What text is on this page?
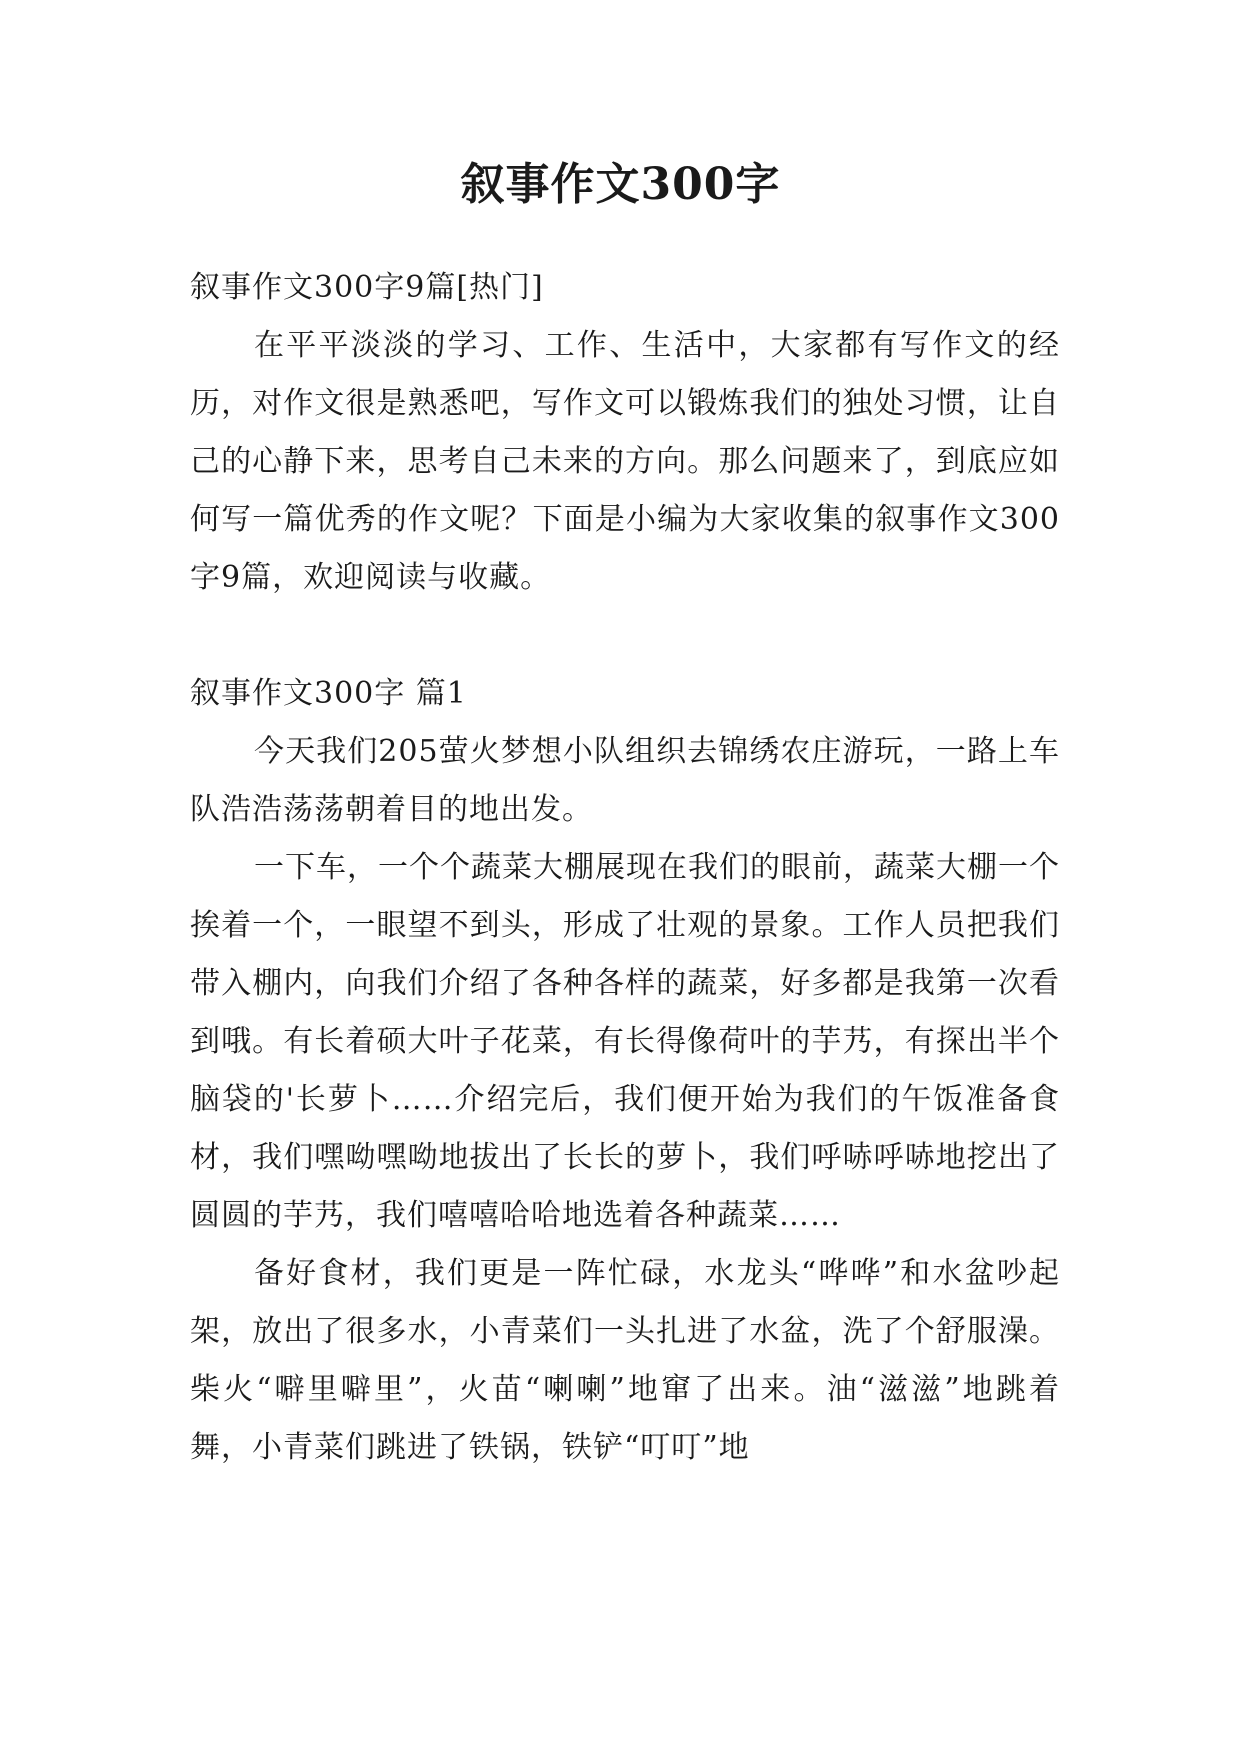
叙事作文300字

叙事作文300字9篇[热门]

在平平淡淡的学习、工作、生活中，大家都有写作文的经历，对作文很是熟悉吧，写作文可以锻炼我们的独处习惯，让自己的心静下来，思考自己未来的方向。那么问题来了，到底应如何写一篇优秀的作文呢？下面是小编为大家收集的叙事作文300字9篇，欢迎阅读与收藏。

叙事作文300字 篇1

今天我们205萤火梦想小队组织去锦绣农庄游玩，一路上车队浩浩荡荡朝着目的地出发。

一下车，一个个蔬菜大棚展现在我们的眼前，蔬菜大棚一个挨着一个，一眼望不到头，形成了壮观的景象。工作人员把我们带入棚内，向我们介绍了各种各样的蔬菜，好多都是我第一次看到哦。有长着硕大叶子花菜，有长得像荷叶的芋艿，有探出半个脑袋的'长萝卜……介绍完后，我们便开始为我们的午饭准备食材，我们嘿呦嘿呦地拔出了长长的萝卜，我们呼哧呼哧地挖出了圆圆的芋艿，我们嘻嘻哈哈地选着各种蔬菜……

备好食材，我们更是一阵忙碌，水龙头“哗哗”和水盆吵起架，放出了很多水，小青菜们一头扎进了水盆，洗了个舒服澡。柴火“噼里噼里”，火苗“喇喇”地窜了出来。油“滋滋”地跳着舞，小青菜们跳进了铁锅，铁铲“叮叮”地
